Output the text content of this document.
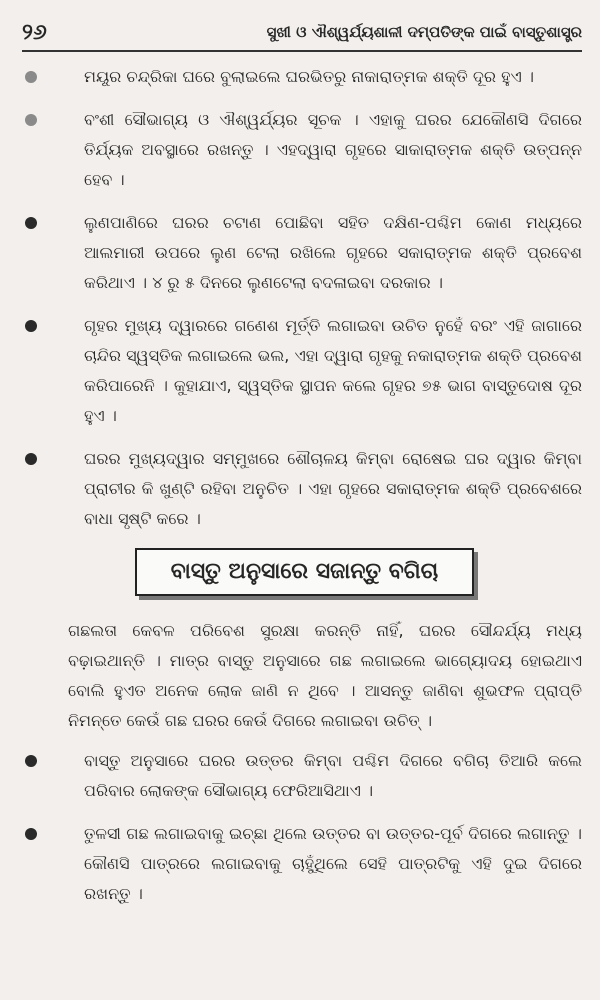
୨୬	ସୁଖୀ ଓ ଐଶ୍ୱର୍ଯ୍ୟଶାଳୀ ଦମ୍ପତିଙ୍କ ପାଇଁ ବାସ୍ତୁଶାସ୍ତ୍ର

ମୟୂର ଚନ୍ଦ୍ରିକା ଘରେ ବୁଲାଇଲେ ଘରଭିତରୁ ନାକାରାତ୍ମକ ଶକ୍ତି ଦୂର ହୁଏ ।

ବଂଶୀ ସୌଭାଗ୍ୟ ଓ ଐଶ୍ୱର୍ଯ୍ୟର ସୂଚକ । ଏହାକୁ ଘରର ଯେକୌଣସି ଦିଗରେ ତିର୍ଯ୍ୟକ ଅବସ୍ଥାରେ ରଖନ୍ତୁ । ଏହଦ୍ୱାରା ଗୃହରେ ସାକାରାତ୍ମକ ଶକ୍ତି ଉତ୍ପନ୍ନ ହେବ ।

ଲୁଣପାଣିରେ ଘରର ଚଟାଣ ପୋଛିବା ସହିତ ଦକ୍ଷିଣ-ପଶ୍ଚିମ କୋଣ ମଧ୍ୟରେ ଆଲମାରୀ ଉପରେ ଲୁଣ ଟେଲା ରଖିଲେ ଗୃହରେ ସକାରାତ୍ମକ ଶକ୍ତି ପ୍ରବେଶ କରିଥାଏ । ୪ ରୁ ୫ ଦିନରେ ଲୁଣଟେଲା ବଦଳାଇବା ଦରକାର ।

ଗୃହର ମୁଖ୍ୟ ଦ୍ୱାରରେ ଗଣେଶ ମୂର୍ତ୍ତି ଲଗାଇବା ଉଚିତ ନୁହେଁ ବରଂ ଏହି ଜାଗାରେ ଚାନ୍ଦିର ସ୍ୱସ୍ତିକ ଲଗାଇଲେ ଭଲ, ଏହା ଦ୍ୱାରା ଗୃହକୁ ନକାରାତ୍ମକ ଶକ୍ତି ପ୍ରବେଶ କରିପାରେନି । କୁହାଯାଏ, ସ୍ୱସ୍ତିକ ସ୍ଥାପନ କଲେ ଗୃହର ୭୫ ଭାଗ ବାସ୍ତୁଦୋଷ ଦୂର ହୁଏ ।

ଘରର ମୁଖ୍ୟଦ୍ୱାର ସମ୍ମୁଖରେ ଶୌଚାଳୟ କିମ୍ବା ରୋଷେଇ ଘର ଦ୍ୱାର କିମ୍ବା ପ୍ରାଚୀର କି ଖୁଣ୍ଟି ରହିବା ଅନୁଚିତ । ଏହା ଗୃହରେ ସକାରାତ୍ମକ ଶକ୍ତି ପ୍ରବେଶରେ ବାଧା ସୃଷ୍ଟି କରେ ।

ବାସ୍ତୁ ଅନୁସାରେ ସଜାନ୍ତୁ ବଗିଚା

ଗଛଲତା କେବଳ ପରିବେଶ ସୁରକ୍ଷା କରନ୍ତି ନାହିଁ, ଘରର ସୌନ୍ଦର୍ଯ୍ୟ ମଧ୍ୟ ବଢ଼ାଇଥାନ୍ତି । ମାତ୍ର ବାସ୍ତୁ ଅନୁସାରେ ଗଛ ଲଗାଇଲେ ଭାଗ୍ୟୋଦୟ ହୋଇଥାଏ ବୋଲି ହୁଏତ ଅନେକ ଲୋକ ଜାଣି ନ ଥିବେ । ଆସନ୍ତୁ ଜାଣିବା ଶୁଭଫଳ ପ୍ରାପ୍ତି ନିମନ୍ତେ କେଉଁ ଗଛ ଘରର କେଉଁ ଦିଗରେ ଲଗାଇବା ଉଚିତ୍ ।

ବାସ୍ତୁ ଅନୁସାରେ ଘରର ଉତ୍ତର କିମ୍ବା ପଶ୍ଚିମ ଦିଗରେ ବଗିଚା ତିଆରି କଲେ ପରିବାର ଲୋକଙ୍କ ସୌଭାଗ୍ୟ ଫେରିଆସିଥାଏ ।

ତୁଳସୀ ଗଛ ଲଗାଇବାକୁ ଇଚ୍ଛା ଥିଲେ ଉତ୍ତର ବା ଉତ୍ତର-ପୂର୍ବ ଦିଗରେ ଲଗାନ୍ତୁ । କୌଣସି ପାତ୍ରରେ ଲଗାଇବାକୁ ଚାହୁଁଥିଲେ ସେହି ପାତ୍ରଟିକୁ ଏହି ଦୁଇ ଦିଗରେ ରଖନ୍ତୁ ।
